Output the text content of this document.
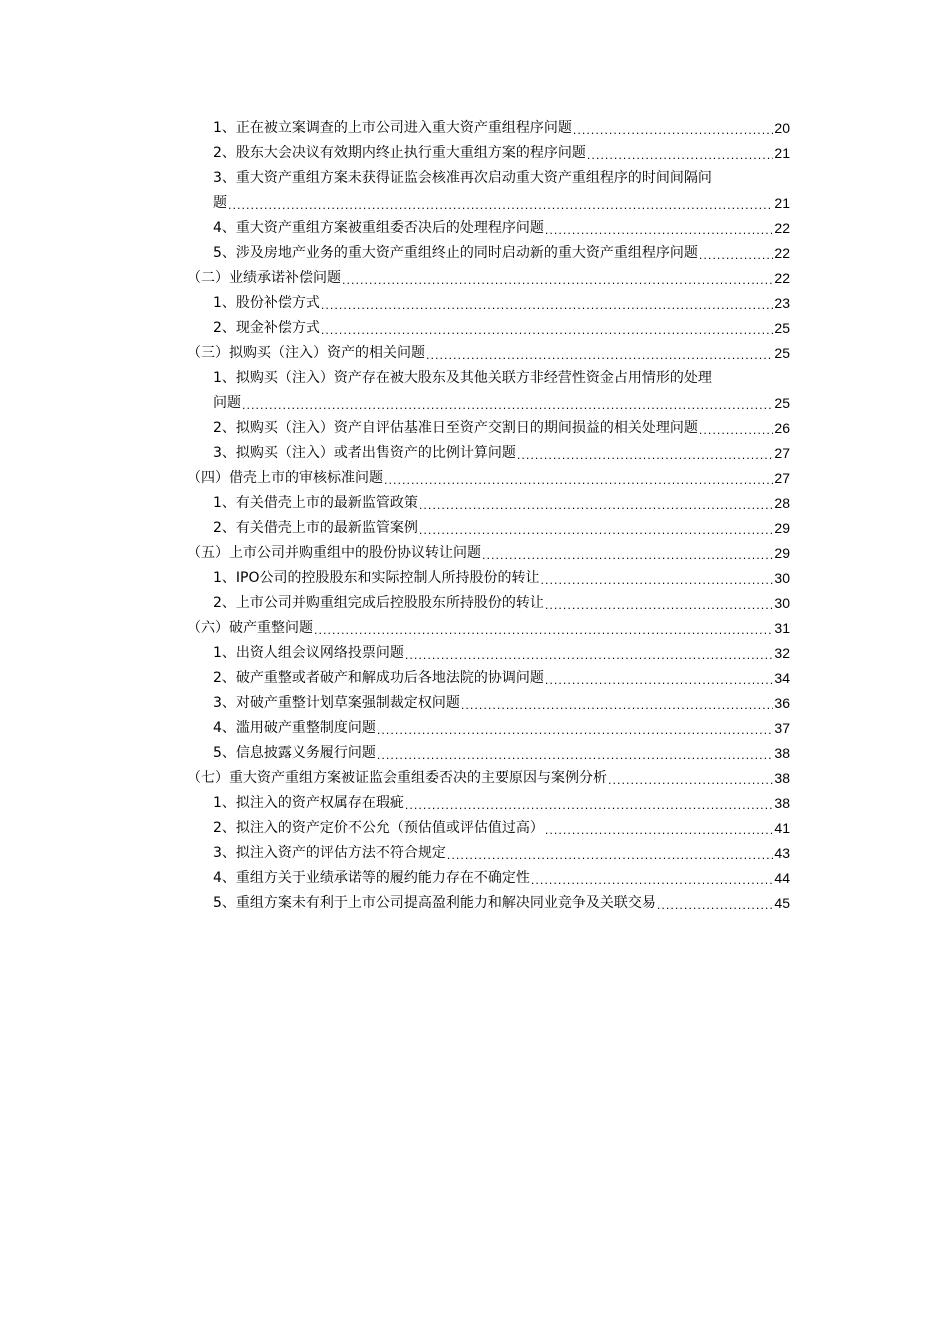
1、正在被立案调查的上市公司进入重大资产重组程序问题 .....	20
2、股东大会决议有效期内终止执行重大重组方案的程序问题 .....	21
3、重大资产重组方案未获得证监会核准再次启动重大资产重组程序的时间间隔问
题 .....	21
4、重大资产重组方案被重组委否决后的处理程序问题 .....	22
5、涉及房地产业务的重大资产重组终止的同时启动新的重大资产重组程序问题 .....	22
（二）业绩承诺补偿问题 .....	22
1、股份补偿方式 .....	23
2、现金补偿方式 .....	25
（三）拟购买（注入）资产的相关问题 .....	25
1、拟购买（注入）资产存在被大股东及其他关联方非经营性资金占用情形的处理
问题 .....	25
2、拟购买（注入）资产自评估基准日至资产交割日的期间损益的相关处理问题 .....	26
3、拟购买（注入）或者出售资产的比例计算问题 .....	27
（四）借壳上市的审核标准问题 .....	27
1、有关借壳上市的最新监管政策 .....	28
2、有关借壳上市的最新监管案例 .....	29
（五）上市公司并购重组中的股份协议转让问题 .....	29
1、IPO公司的控股股东和实际控制人所持股份的转让 .....	30
2、上市公司并购重组完成后控股股东所持股份的转让 .....	30
（六）破产重整问题 .....	31
1、出资人组会议网络投票问题 .....	32
2、破产重整或者破产和解成功后各地法院的协调问题 .....	34
3、对破产重整计划草案强制裁定权问题 .....	36
4、滥用破产重整制度问题 .....	37
5、信息披露义务履行问题 .....	38
（七）重大资产重组方案被证监会重组委否决的主要原因与案例分析 .....	38
1、拟注入的资产权属存在瑕疵 .....	38
2、拟注入的资产定价不公允（预估值或评估值过高） .....	41
3、拟注入资产的评估方法不符合规定 .....	43
4、重组方关于业绩承诺等的履约能力存在不确定性 .....	44
5、重组方案未有利于上市公司提高盈利能力和解决同业竞争及关联交易 .....	45
